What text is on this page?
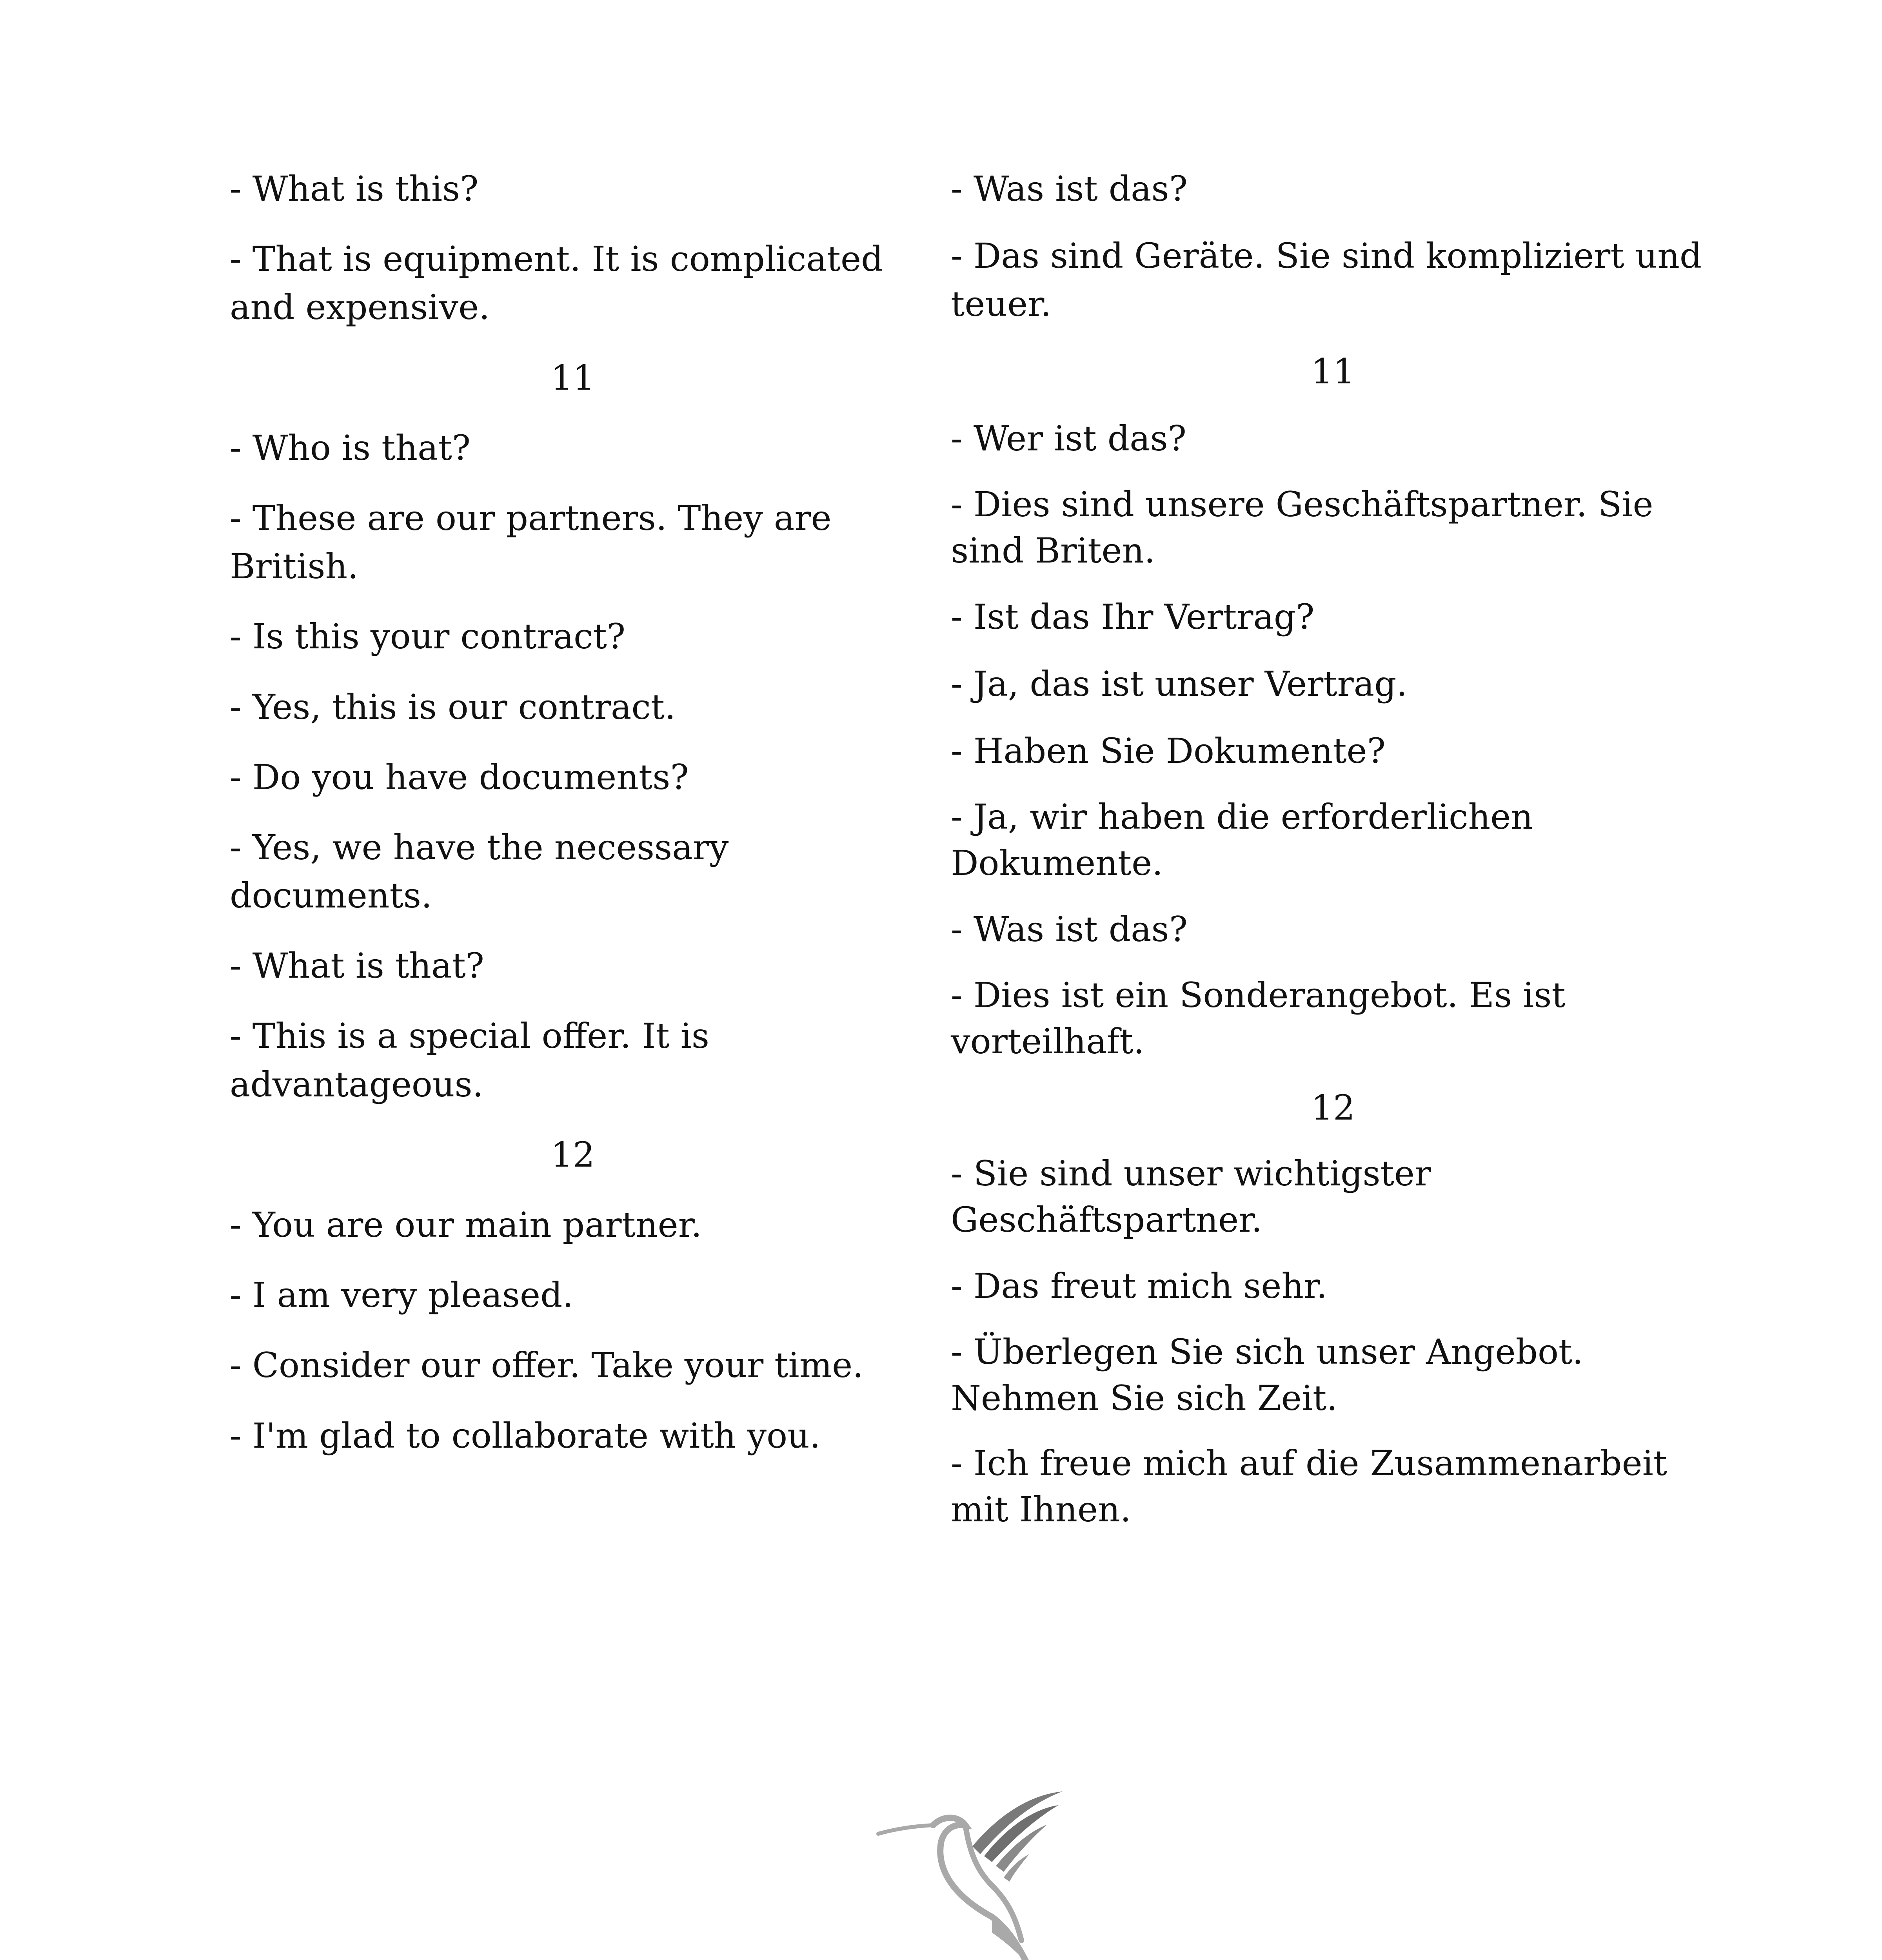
- What is this?

- That is equipment. It is complicated and expensive.

11

- Who is that?

- These are our partners. They are British.

- Is this your contract?

- Yes, this is our contract.

- Do you have documents?

- Yes, we have the necessary documents.

- What is that?

- This is a special offer. It is advantageous.

12

- You are our main partner.

- I am very pleased.

- Consider our offer. Take your time.

- I'm glad to collaborate with you.

- Was ist das?

- Das sind Geräte. Sie sind kompliziert und teuer.

11

- Wer ist das?

- Dies sind unsere Geschäftspartner. Sie sind Briten.

- Ist das Ihr Vertrag?

- Ja, das ist unser Vertrag.

- Haben Sie Dokumente?

- Ja, wir haben die erforderlichen Dokumente.

- Was ist das?

- Dies ist ein Sonderangebot. Es ist vorteilhaft.

12

- Sie sind unser wichtigster Geschäftspartner.

- Das freut mich sehr.

- Überlegen Sie sich unser Angebot. Nehmen Sie sich Zeit.

- Ich freue mich auf die Zusammenarbeit mit Ihnen.
